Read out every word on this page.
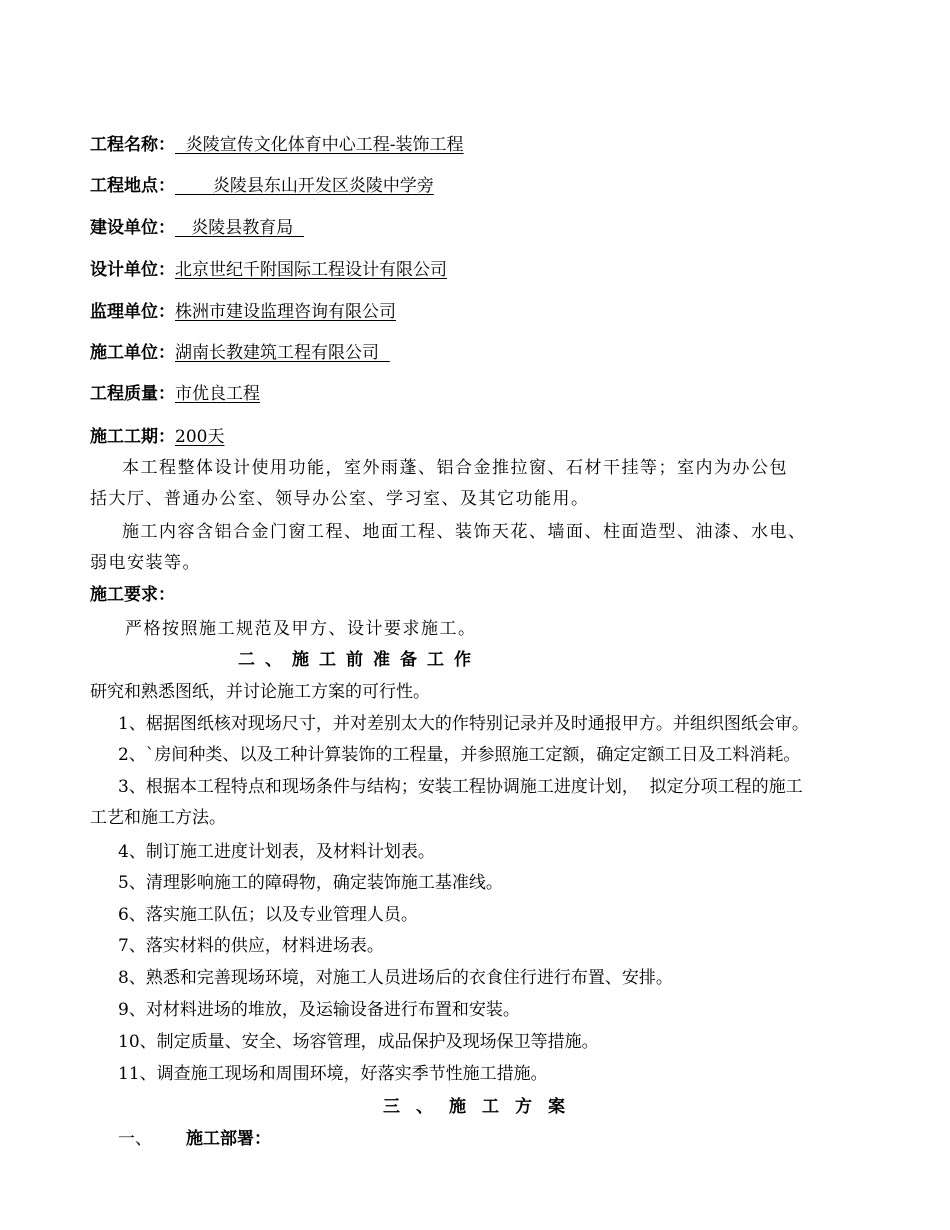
工程名称：  炎陵宣传文化体育中心工程-装饰工程
工程地点：       炎陵县东山开发区炎陵中学旁
建设单位：   炎陵县教育局
设计单位：北京世纪千附国际工程设计有限公司
监理单位：株洲市建设监理咨询有限公司
施工单位：湖南长教建筑工程有限公司
工程质量：市优良工程
施工工期：200天
本工程整体设计使用功能，室外雨蓬、铝合金推拉窗、石材干挂等；室内为办公包
括大厅、普通办公室、领导办公室、学习室、及其它功能用。
施工内容含铝合金门窗工程、地面工程、装饰天花、墙面、柱面造型、油漆、水电、
弱电安装等。
施工要求：
严格按照施工规范及甲方、设计要求施工。
二、施工前准备工作
研究和熟悉图纸，并讨论施工方案的可行性。
1、椐据图纸核对现场尺寸，并对差别太大的作特别记录并及时通报甲方。并组织图纸会审。
2、`房间种类、以及工种计算装饰的工程量，并参照施工定额，确定定额工日及工料消耗。
3、根据本工程特点和现场条件与结构；安装工程协调施工进度计划，  拟定分项工程的施工
工艺和施工方法。
4、制订施工进度计划表，及材料计划表。
5、清理影响施工的障碍物，确定装饰施工基准线。
6、落实施工队伍；以及专业管理人员。
7、落实材料的供应，材料进场表。
8、熟悉和完善现场环境，对施工人员进场后的衣食住行进行布置、安排。
9、对材料进场的堆放，及运输设备进行布置和安装。
10、制定质量、安全、场容管理，成品保护及现场保卫等措施。
11、调查施工现场和周围环境，好落实季节性施工措施。
三、施工方案
一、 施工部署：
